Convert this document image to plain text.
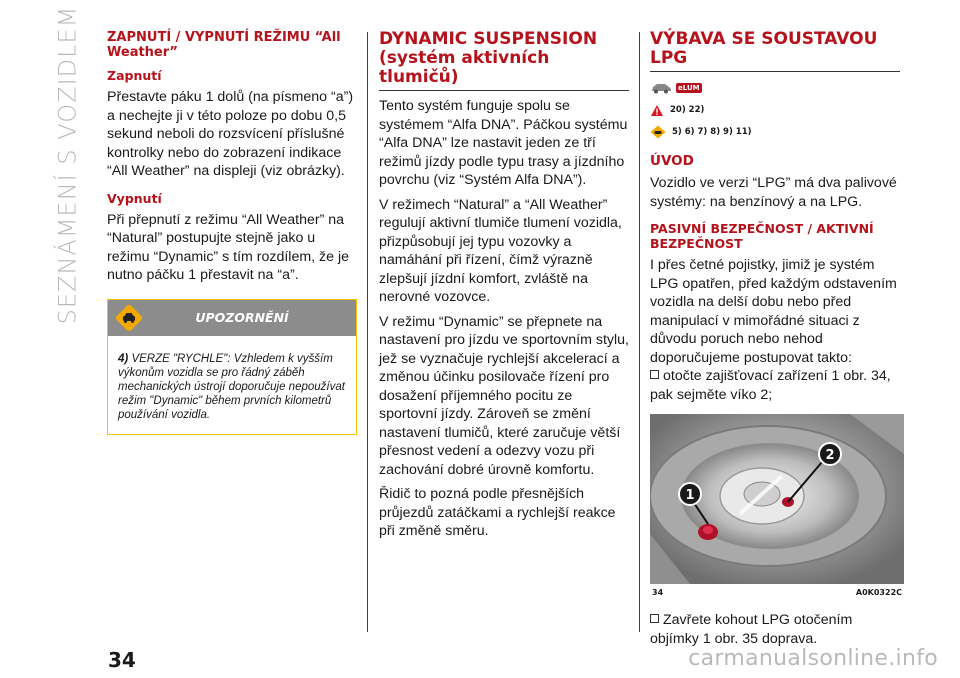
SEZNÁMENÍ S VOZIDLEM ZAPNUTÍ / VYPNUTÍ REŽIMU “All Weather”
Zapnutí

Přestavte páku 1 dolů (na písmeno “a”) a nechejte ji v této poloze po dobu 0,5 sekund neboli do rozsvícení příslušné kontrolky nebo do zobrazení indikace “All Weather” na displeji (viz obrázky).

Vypnutí

Při přepnutí z režimu “All Weather” na “Natural” postupujte stejně jako u režimu “Dynamic” s tím rozdílem, že je nutno páčku 1 přestavit na “a”.

UPOZORNĚNÍ
4) VERZE "RYCHLE": Vzhledem k vyšším výkonům vozidla se pro řádný záběh mechanických ústrojí doporučuje nepoužívat režim "Dynamic" během prvních kilometrů používání vozidla.
DYNAMIC SUSPENSION (systém aktivních tlumičů)

Tento systém funguje spolu se systémem “Alfa DNA”. Páčkou systému “Alfa DNA” lze nastavit jeden ze tří režimů jízdy podle typu trasy a jízdního povrchu (viz “Systém Alfa DNA”).

V režimech “Natural” a “All Weather” regulují aktivní tlumiče tlumení vozidla, přizpůsobují jej typu vozovky a namáhání při řízení, čímž výrazně zlepšují jízdní komfort, zvláště na nerovné vozovce.

V režimu “Dynamic” se přepnete na nastavení pro jízdu ve sportovním stylu, jež se vyznačuje rychlejší akcelerací a změnou účinku posilovače řízení pro dosažení příjemného pocitu ze sportovní jízdy. Zároveň se změní nastavení tlumičů, které zaručuje větší přesnost vedení a odezvy vozu při zachování dobré úrovně komfortu.

Řidič to pozná podle přesnějších průjezdů zatáčkami a rychlejší reakce při změně směru.

VÝBAVA SE SOUSTAVOU LPG
eLUM
20) 22)
5) 6) 7) 8) 9) 11)
ÚVOD

Vozidlo ve verzi “LPG” má dva palivové systémy: na benzínový a na LPG.

PASIVNÍ BEZPEČNOST / AKTIVNÍ BEZPEČNOST

I přes četné pojistky, jimiž je systém LPG opatřen, před každým odstavením vozidla na delší dobu nebo před manipulací v mimořádné situaci z důvodu poruch nebo nehod doporučujeme postupovat takto:

otočte zajišťovací zařízení 1 obr. 34, pak sejměte víko 2;

1
2
34	A0K0322C

Zavřete kohout LPG otočením objímky 1 obr. 35 doprava.

34	carmanualsonline.info
